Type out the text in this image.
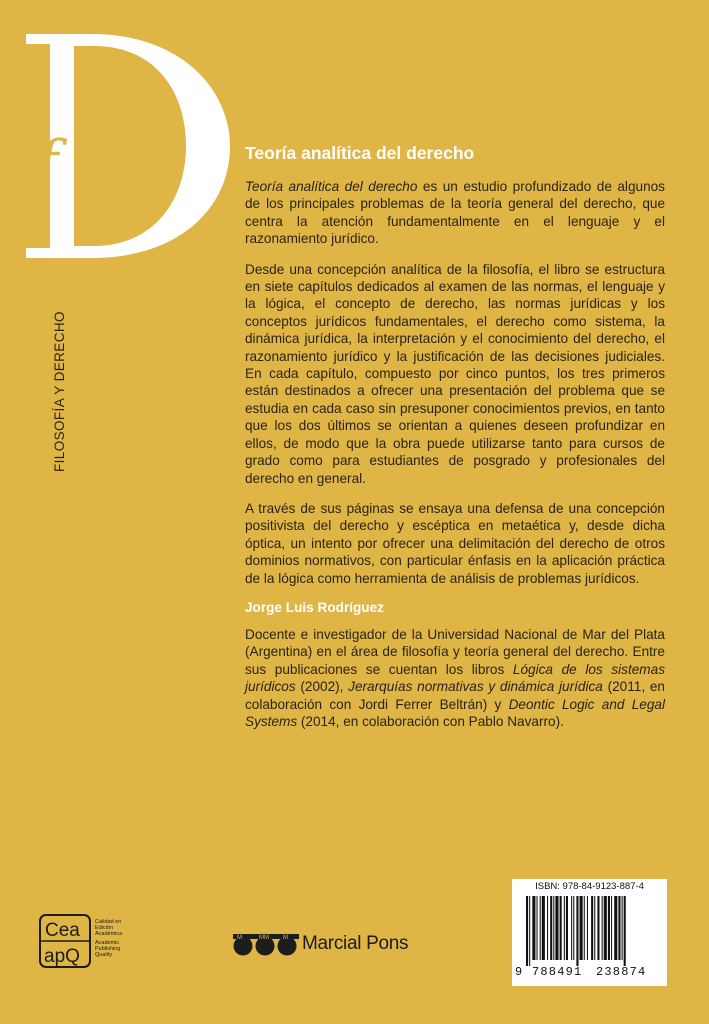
f
FILOSOFÍA Y DERECHO
Teoría analítica del derecho

Teoría analítica del derecho es un estudio profundizado de algunos de los principales problemas de la teoría general del derecho, que centra la atención fundamentalmente en el lenguaje y el razonamiento jurídico.

Desde una concepción analítica de la filosofía, el libro se estructura en siete capítulos dedicados al examen de las normas, el lenguaje y la lógica, el concepto de derecho, las normas jurídicas y los conceptos jurídicos fundamentales, el derecho como sistema, la dinámica jurídica, la interpretación y el conocimiento del derecho, el razonamiento jurídico y la justificación de las decisiones judiciales. En cada capítulo, compuesto por cinco puntos, los tres primeros están destinados a ofrecer una presentación del problema que se estudia en cada caso sin presuponer conocimientos previos, en tanto que los dos últimos se orientan a quienes deseen profundizar en ellos, de modo que la obra puede utilizarse tanto para cursos de grado como para estudiantes de posgrado y profesionales del derecho en general.

A través de sus páginas se ensaya una defensa de una concepción positivista del derecho y escéptica en metaética y, desde dicha óptica, un intento por ofrecer una delimitación del derecho de otros dominios normativos, con particular énfasis en la aplicación práctica de la lógica como herramienta de análisis de problemas jurídicos.

Jorge Luis Rodríguez

Docente e investigador de la Universidad Nacional de Mar del Plata (Argentina) en el área de filosofía y teoría general del derecho. Entre sus publicaciones se cuentan los libros Lógica de los sistemas jurídicos (2002), Jerarquías normativas y dinámica jurídica (2011, en colaboración con Jordi Ferrer Beltrán) y Deontic Logic and Legal Systems (2014, en colaboración con Pablo Navarro).

Cea
apQ
Calidad en
Edición
Académica
Academic
Publishing
Quality
M	MM M Marcial Pons
ISBN: 978-84-9123-887-4
9 788491 238874
